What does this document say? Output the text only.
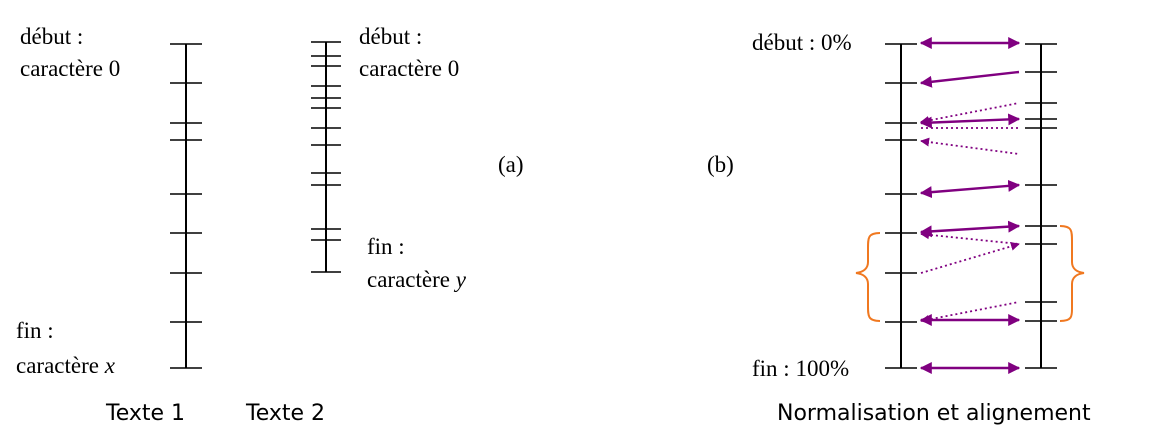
début :
caractère 0
fin :
caractère x
Texte 1
début :
caractère 0
fin :
caractère y
Texte 2
(a)	(b)
début : 0%
fin : 100%
Normalisation et alignement
